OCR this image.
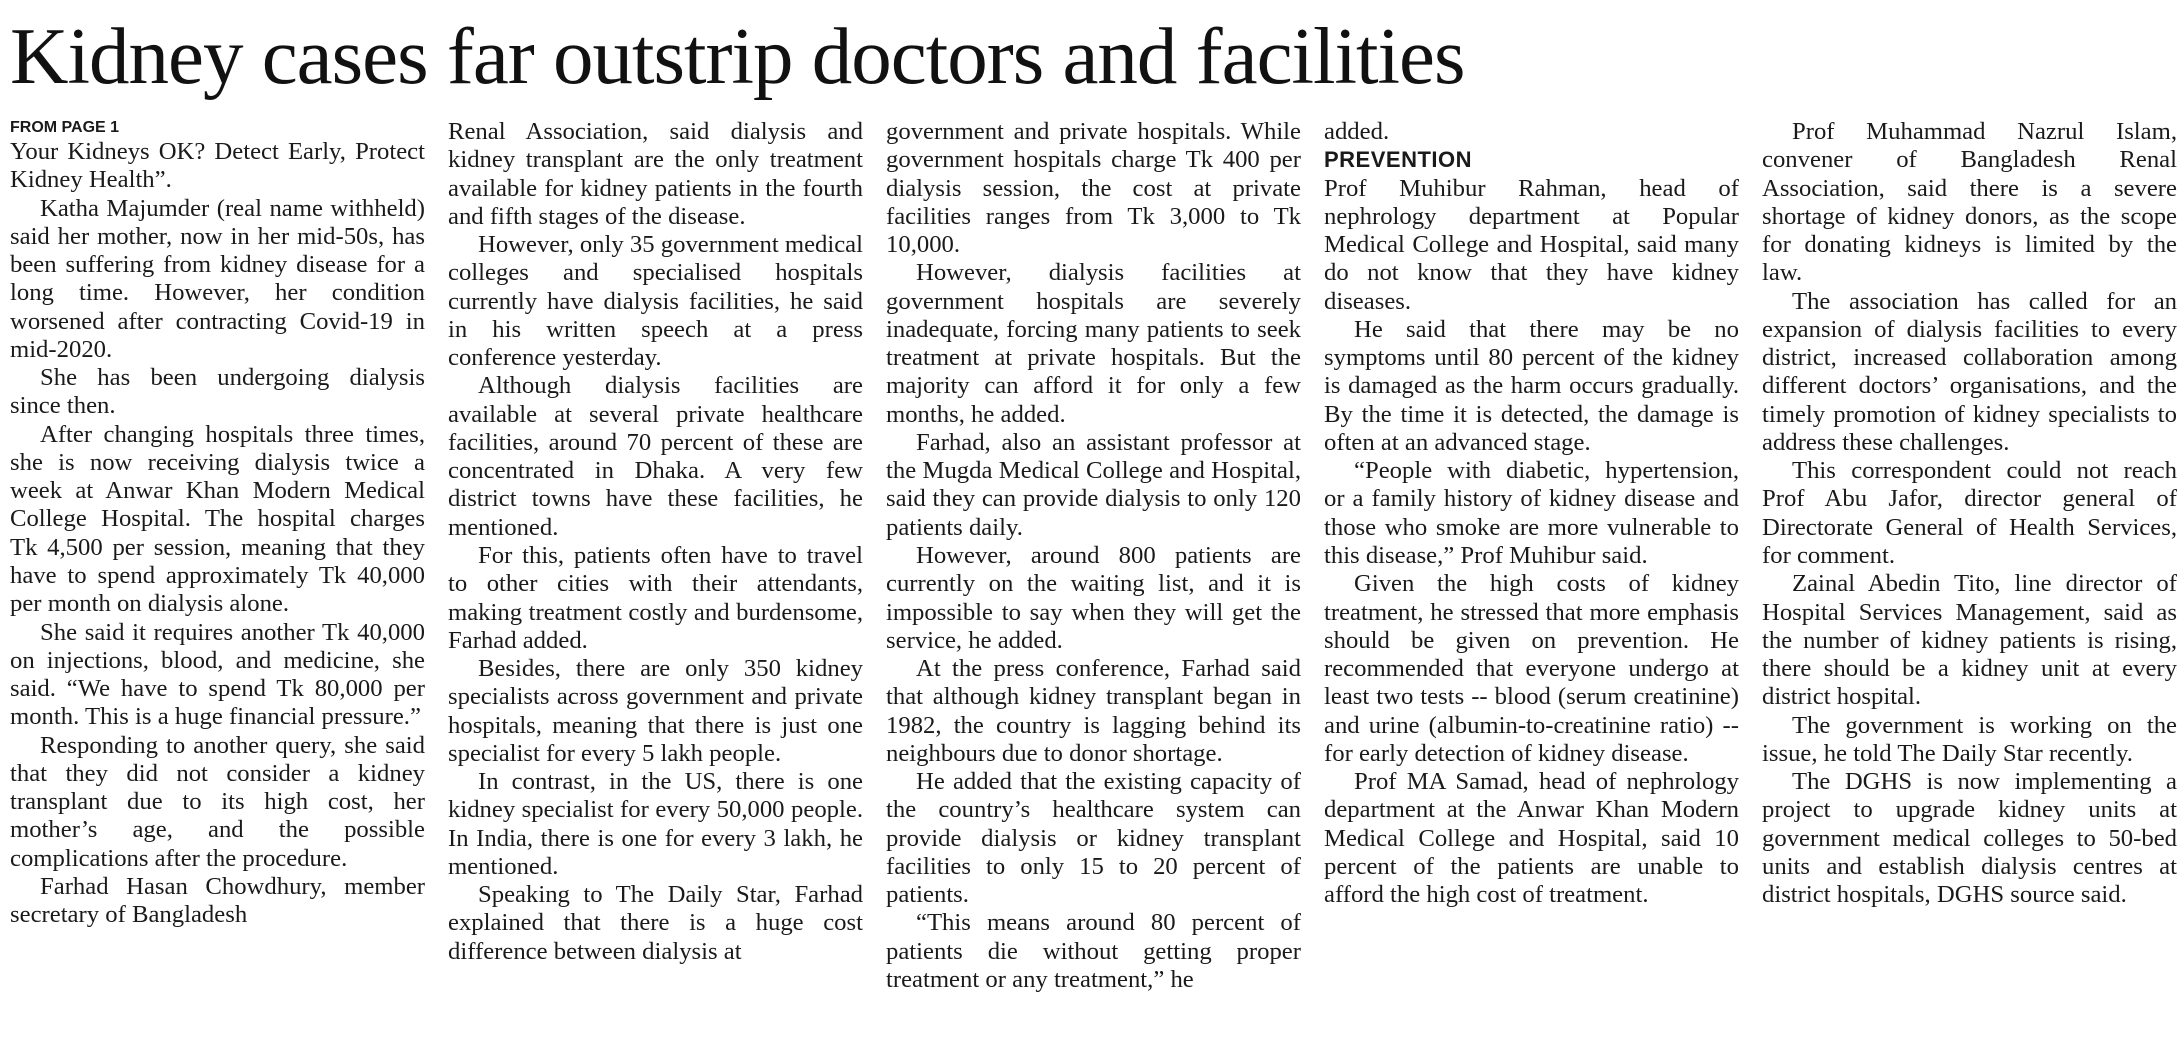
Kidney cases far outstrip doctors and facilities
FROM PAGE 1

Your Kidneys OK? Detect Early, Protect Kidney Health”.

Katha Majumder (real name withheld) said her mother, now in her mid-50s, has been suffering from kidney disease for a long time. However, her condition worsened after contracting Covid-19 in mid-2020.

She has been undergoing dialysis since then.

After changing hospitals three times, she is now receiving dialysis twice a week at Anwar Khan Modern Medical College Hospital. The hospital charges Tk 4,500 per session, meaning that they have to spend approximately Tk 40,000 per month on dialysis alone.

She said it requires another Tk 40,000 on injections, blood, and medicine, she said. “We have to spend Tk 80,000 per month. This is a huge financial pressure.”

Responding to another query, she said that they did not consider a kidney transplant due to its high cost, her mother’s age, and the possible complications after the procedure.

Farhad Hasan Chowdhury, member secretary of Bangladesh

Renal Association, said dialysis and kidney transplant are the only treatment available for kidney patients in the fourth and fifth stages of the disease.

However, only 35 government medical colleges and specialised hospitals currently have dialysis facilities, he said in his written speech at a press conference yesterday.

Although dialysis facilities are available at several private healthcare facilities, around 70 percent of these are concentrated in Dhaka. A very few district towns have these facilities, he mentioned.

For this, patients often have to travel to other cities with their attendants, making treatment costly and burdensome, Farhad added.

Besides, there are only 350 kidney specialists across government and private hospitals, meaning that there is just one specialist for every 5 lakh people.

In contrast, in the US, there is one kidney specialist for every 50,000 people. In India, there is one for every 3 lakh, he mentioned.

Speaking to The Daily Star, Farhad explained that there is a huge cost difference between dialysis at

government and private hospitals. While government hospitals charge Tk 400 per dialysis session, the cost at private facilities ranges from Tk 3,000 to Tk 10,000.

However, dialysis facilities at government hospitals are severely inadequate, forcing many patients to seek treatment at private hospitals. But the majority can afford it for only a few months, he added.

Farhad, also an assistant professor at the Mugda Medical College and Hospital, said they can provide dialysis to only 120 patients daily.

However, around 800 patients are currently on the waiting list, and it is impossible to say when they will get the service, he added.

At the press conference, Farhad said that although kidney transplant began in 1982, the country is lagging behind its neighbours due to donor shortage.

He added that the existing capacity of the country’s healthcare system can provide dialysis or kidney transplant facilities to only 15 to 20 percent of patients.

“This means around 80 percent of patients die without getting proper treatment or any treatment,” he

added.

PREVENTION

Prof Muhibur Rahman, head of nephrology department at Popular Medical College and Hospital, said many do not know that they have kidney diseases.

He said that there may be no symptoms until 80 percent of the kidney is damaged as the harm occurs gradually. By the time it is detected, the damage is often at an advanced stage.

“People with diabetic, hypertension, or a family history of kidney disease and those who smoke are more vulnerable to this disease,” Prof Muhibur said.

Given the high costs of kidney treatment, he stressed that more emphasis should be given on prevention. He recommended that everyone undergo at least two tests -- blood (serum creatinine) and urine (albumin-to-creatinine ratio) -- for early detection of kidney disease.

Prof MA Samad, head of nephrology department at the Anwar Khan Modern Medical College and Hospital, said 10 percent of the patients are unable to afford the high cost of treatment.

Prof Muhammad Nazrul Islam, convener of Bangladesh Renal Association, said there is a severe shortage of kidney donors, as the scope for donating kidneys is limited by the law.

The association has called for an expansion of dialysis facilities to every district, increased collaboration among different doctors’ organisations, and the timely promotion of kidney specialists to address these challenges.

This correspondent could not reach Prof Abu Jafor, director general of Directorate General of Health Services, for comment.

Zainal Abedin Tito, line director of Hospital Services Management, said as the number of kidney patients is rising, there should be a kidney unit at every district hospital.

The government is working on the issue, he told The Daily Star recently.

The DGHS is now implementing a project to upgrade kidney units at government medical colleges to 50-bed units and establish dialysis centres at district hospitals, DGHS source said.
